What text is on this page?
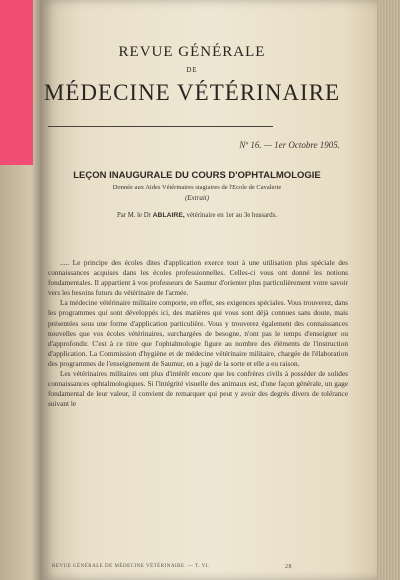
REVUE GÉNÉRALE
DE
MÉDECINE VÉTÉRINAIRE
Nº 16. — 1er Octobre 1905.
LEÇON INAUGURALE DU COURS D'OPHTALMOLOGIE
Donnée aux Aides Vétérinaires stagiaires de l'Ecole de Cavalerie
(Extrait)
Par M. le Dr ABLAIRE, vétérinaire en 1er au 3e hussards.

..... Le principe des écoles dites d'application exerce tout à une utilisation plus spéciale des connaissances acquises dans les écoles professionnelles. Celles-ci vous ont donné les notions fondamentales. Il appartient à vos professeurs de Saumur d'orienter plus particulièrement votre savoir vers les besoins futurs du vétérinaire de l'armée.

La médecine vétérinaire militaire comporte, en effet, ses exigences spéciales. Vous trouverez, dans les programmes qui sont développés ici, des matières qui vous sont déjà connues sans doute, mais présentées sous une forme d'application particulière. Vous y trouverez également des connaissances nouvelles que vos écoles vétérinaires, surchargées de besogne, n'ont pas le temps d'enseigner ou d'approfondir. C'est à ce titre que l'ophtalmologie figure au nombre des éléments de l'instruction d'application. La Commission d'hygiène et de médecine vétérinaire militaire, chargée de l'élaboration des programmes de l'enseignement de Saumur, en a jugé de la sorte et elle a eu raison.

Les vétérinaires militaires ont plus d'intérêt encore que les confrères civils à posséder de solides connaissances ophtalmologiques. Si l'intégrité visuelle des animaux est, d'une façon générale, un gage fondamental de leur valeur, il convient de remarquer qui peut y avoir des degrés divers de tolérance suivant le

REVUE GÉNÉRALE DE MÉDECINE VÉTÉRINAIRE. — T. VI.	28
